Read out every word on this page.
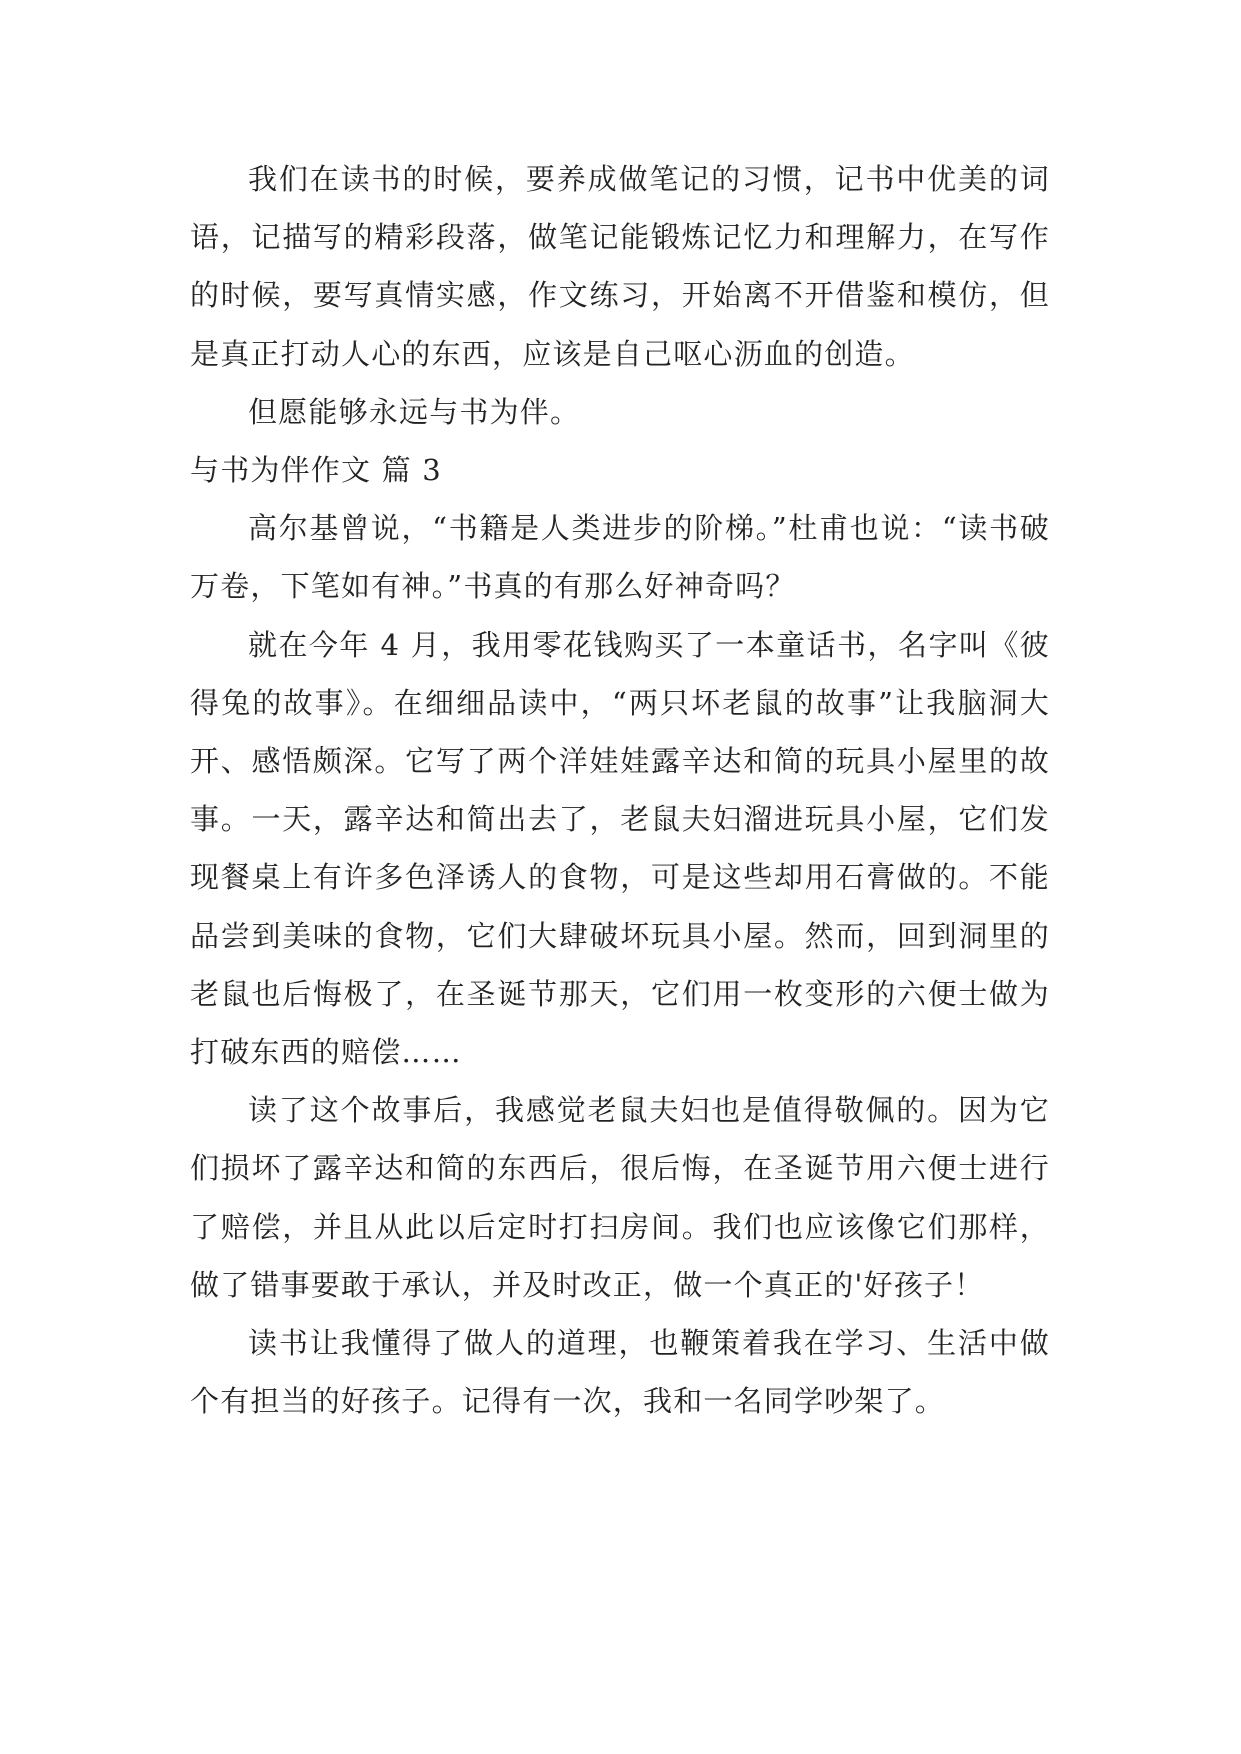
我们在读书的时候，要养成做笔记的习惯，记书中优美的词语，记描写的精彩段落，做笔记能锻炼记忆力和理解力，在写作的时候，要写真情实感，作文练习，开始离不开借鉴和模仿，但是真正打动人心的东西，应该是自己呕心沥血的创造。

但愿能够永远与书为伴。

与书为伴作文 篇 3

高尔基曾说，“书籍是人类进步的阶梯。”杜甫也说：“读书破万卷，下笔如有神。”书真的有那么好神奇吗？

就在今年 4 月，我用零花钱购买了一本童话书，名字叫《彼得兔的故事》。在细细品读中，“两只坏老鼠的故事”让我脑洞大开、感悟颇深。它写了两个洋娃娃露辛达和简的玩具小屋里的故事。一天，露辛达和简出去了，老鼠夫妇溜进玩具小屋，它们发现餐桌上有许多色泽诱人的食物，可是这些却用石膏做的。不能品尝到美味的食物，它们大肆破坏玩具小屋。然而，回到洞里的老鼠也后悔极了，在圣诞节那天，它们用一枚变形的六便士做为打破东西的赔偿……

读了这个故事后，我感觉老鼠夫妇也是值得敬佩的。因为它们损坏了露辛达和简的东西后，很后悔，在圣诞节用六便士进行了赔偿，并且从此以后定时打扫房间。我们也应该像它们那样，做了错事要敢于承认，并及时改正，做一个真正的'好孩子！

读书让我懂得了做人的道理，也鞭策着我在学习、生活中做个有担当的好孩子。记得有一次，我和一名同学吵架了。
